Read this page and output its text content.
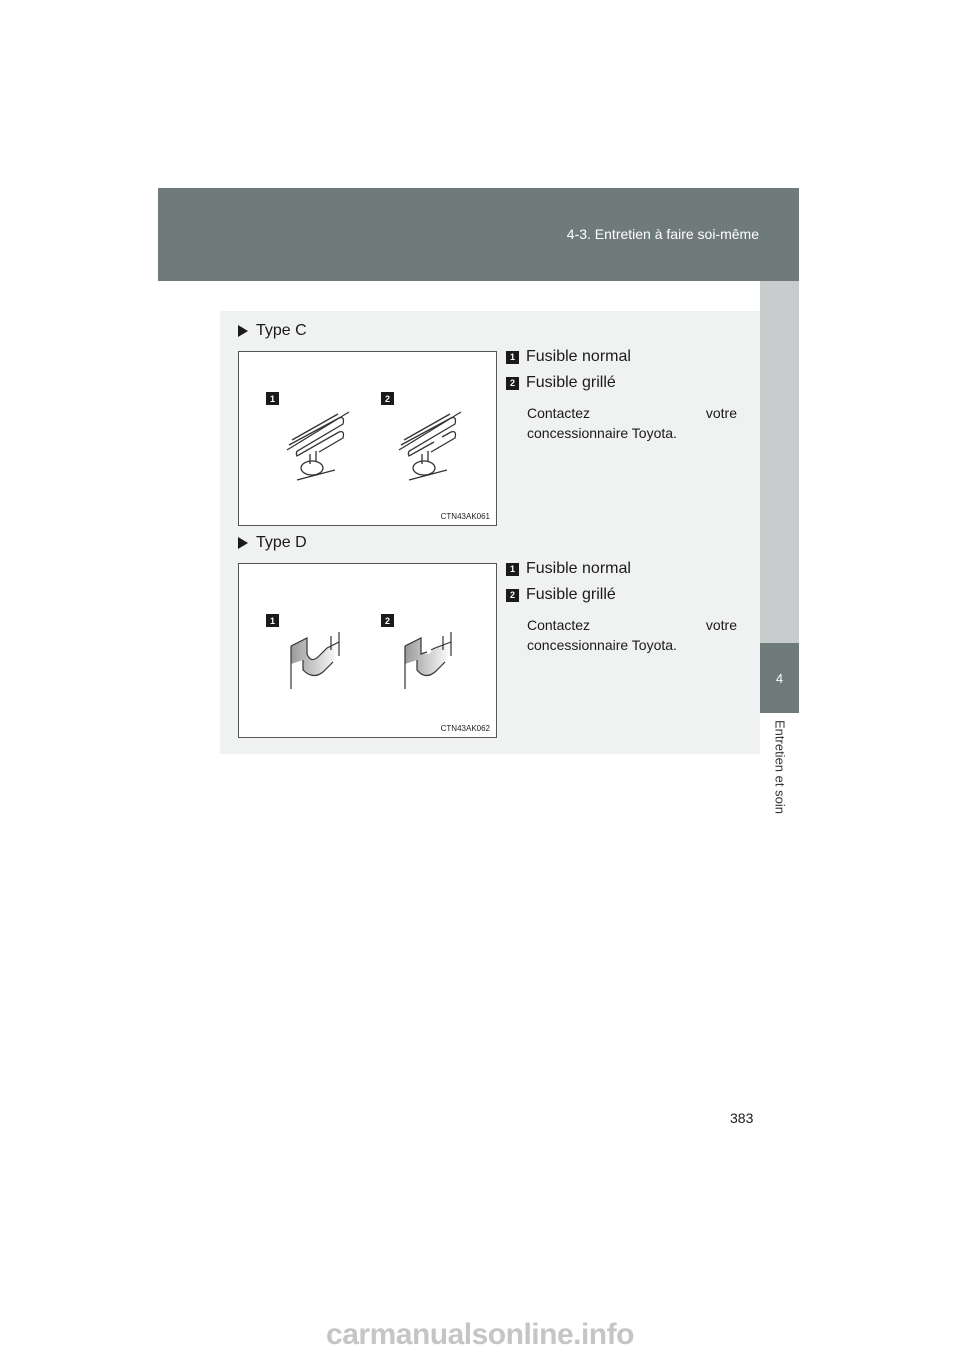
4-3. Entretien à faire soi-même
4
Entretien et soin
Type C
1	2
CTN43AK061
1 Fusible normal
2 Fusible grillé
Contactez	votre
concessionnaire Toyota.
Type D
1	2
CTN43AK062
1 Fusible normal
2 Fusible grillé
Contactez	votre
concessionnaire Toyota.
383
carmanualsonline.info
